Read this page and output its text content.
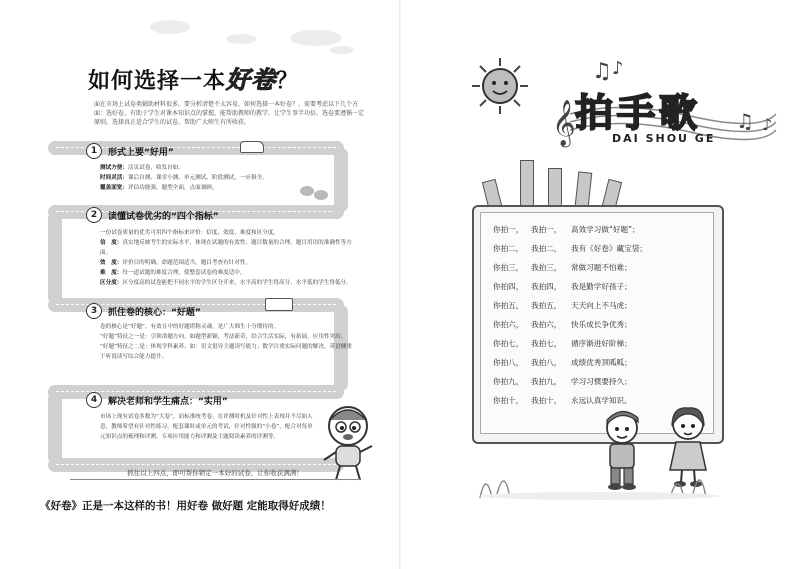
如何选择一本好卷？
面在市场上试卷类辅助材料很多，要分析清楚不太容易，如何选择一本好卷？，需要考虑以下几个方面：选好卷，有助于学生对课本知识点的掌握，能帮助教师的教学，让学生事半功倍。选卷要遵循一定原则，选择真正适合学生的试卷，帮助广大师生有所收获。
1	形式上要“好用”
测试方便：活页试卷，收发自如。
时间灵活：课后自测、课堂小测、单元测试、阶段测试，一应俱全。
覆盖面宽：评估功能强，题型全面，点面兼顾。
2	读懂试卷优劣的“四个指标”
一份试卷质量的优劣可用四个指标来评价：信度、效度、难度和区分度。
信　度：真实地反映考生的实际水平，体现在试题的有效性、题目数量的合理、题目用语的准确性等方面。
效　度：评价目的明确，命题范围适当，题目考查有针对性。
难　度：每一道试题的难度合理，使整套试卷的难度适中。
区分度：区分度高的试卷能把不同水平的学生区分开来，水平高的学生得高分，水平低的学生得低分。
3	抓住卷的核心：“好题”
卷的核心是“好题”，有效且中的好题堪称灵魂，是广大师生十分期待的。
“好题”特征之一是：引领命题方向。如题型新颖，考法新奇，结合生活实际，有拓展、应用性突出。
“好题”特征之二是：体现学科素养。如：语文倡导主题读写能力；数学注重实际问题的解决，英语侧重于听说读写综合能力提升。
4	解决老师和学生痛点：“实用”
市场上现有试卷多数为“大卷”，而标准统考卷，在评测时机及针对性上表现并不尽如人意，教师希望有针对性练习，配套课时或单元的考试，针对性强的“小卷”，配合对每单元知识点的梳理和评测，专项应用能力和评测及主题阅读素养的评测等。
抓住以上四点，即可帮你锁定一本好的试卷，让你收获满满！
《好卷》正是一本这样的书！用好卷 做好题 定能取得好成绩！
𝄞
♫ ♪
♫ ♪
拍手歌
DAI SHOU GE
你拍一，	我拍一，	高效学习做“好题”；
你拍二，	我拍二，	我有《好卷》藏宝袋；
你拍三，	我拍三，	常做习题不怕难；
你拍四，	我拍四，	我是勤学好孩子；
你拍五，	我拍五，	天天向上不马虎；
你拍六，	我拍六，	快乐成长争优秀；
你拍七，	我拍七，	循序渐进好阶梯；
你拍八，	我拍八，	成绩优秀顶呱呱；
你拍九，	我拍九，	学习习惯要持久；
你拍十，	我拍十，	永远认真学知识。
